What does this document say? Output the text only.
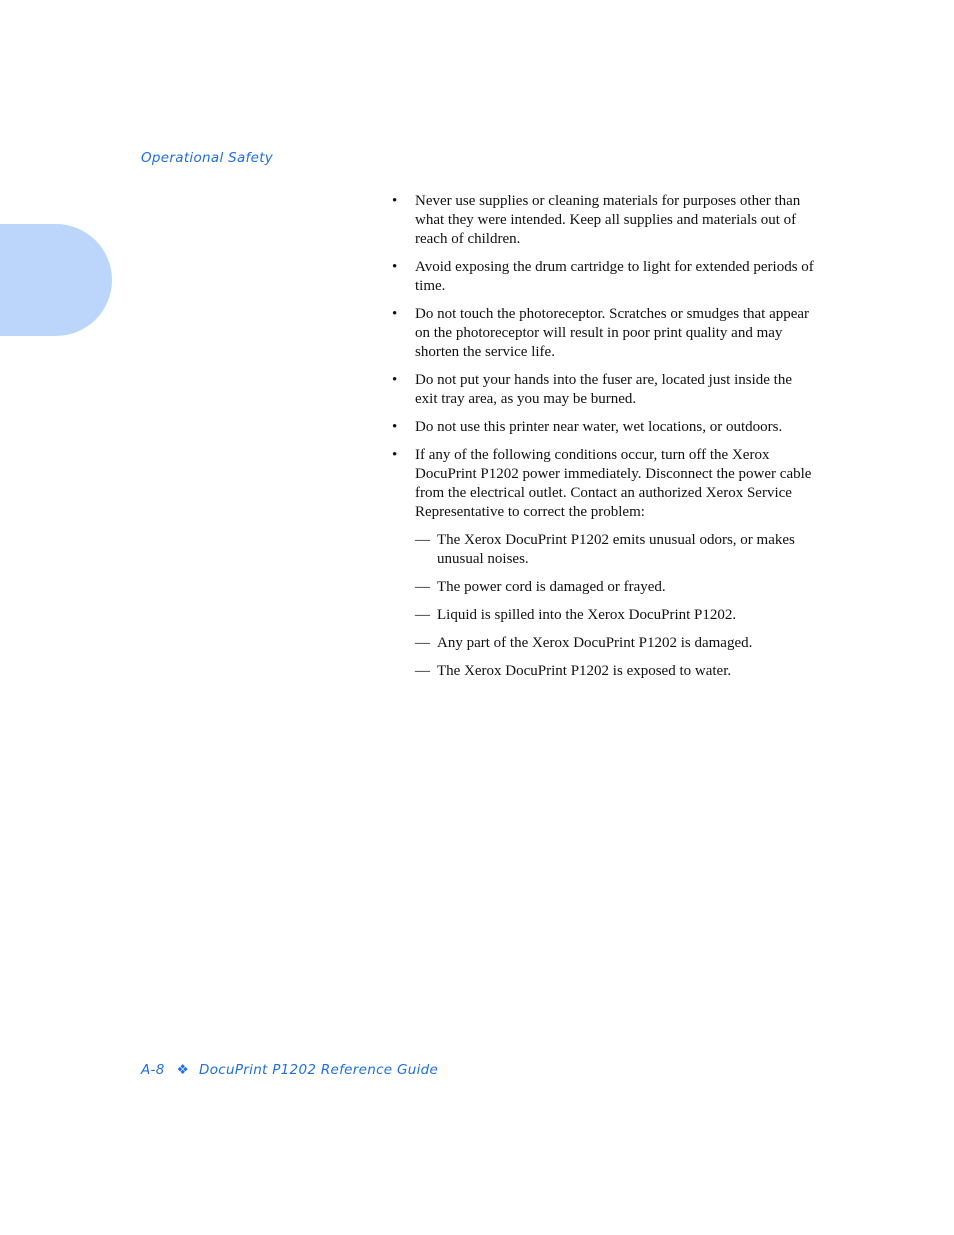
Operational Safety
•	Never use supplies or cleaning materials for purposes other than what they were intended. Keep all supplies and materials out of reach of children.
•	Avoid exposing the drum cartridge to light for extended periods of time.
•	Do not touch the photoreceptor. Scratches or smudges that appear on the photoreceptor will result in poor print quality and may shorten the service life.
•	Do not put your hands into the fuser are, located just inside the exit tray area, as you may be burned.
•	Do not use this printer near water, wet locations, or outdoors.
•	If any of the following conditions occur, turn off the Xerox DocuPrint P1202 power immediately. Disconnect the power cable from the electrical outlet. Contact an authorized Xerox Service Representative to correct the problem:
— The Xerox DocuPrint P1202 emits unusual odors, or makes unusual noises.
— The power cord is damaged or frayed.
— Liquid is spilled into the Xerox DocuPrint P1202.
— Any part of the Xerox DocuPrint P1202 is damaged.
— The Xerox DocuPrint P1202 is exposed to water.
A-8 ❖ DocuPrint P1202 Reference Guide
